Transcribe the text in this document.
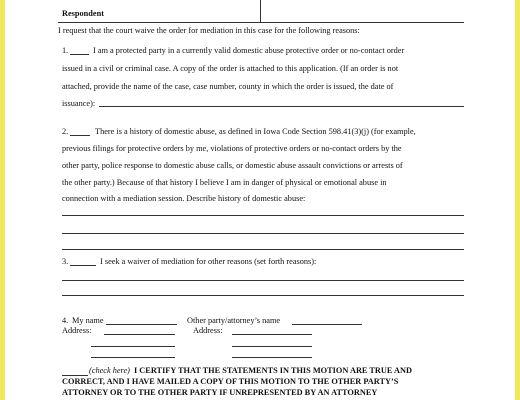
Respondent
I request that the court waive the order for mediation in this case for the following reasons:
1.	I am a protected party in a currently valid domestic abuse protective order or no-contact order
issued in a civil or criminal case. A copy of the order is attached to this application. (If an order is not
attached, provide the name of the case, case number, county in which the order is issued, the date of
issuance):
2.	There is a history of domestic abuse, as defined in Iowa Code Section 598.41(3)(j) (for example,
previous filings for protective orders by me, violations of protective orders or no-contact orders by the
other party, police response to domestic abuse calls, or domestic abuse assault convictions or arrests of
the other party.) Because of that history I believe I am in danger of physical or emotional abuse in
connection with a mediation session. Describe history of domestic abuse:
3.	I seek a waiver of mediation for other reasons (set forth reasons):
4. My name	Other party/attorney’s name
Address:	Address:
(check here) I CERTIFY THAT THE STATEMENTS IN THIS MOTION ARE TRUE AND
CORRECT, AND I HAVE MAILED A COPY OF THIS MOTION TO THE OTHER PARTY’S
ATTORNEY OR TO THE OTHER PARTY IF UNREPRESENTED BY AN ATTORNEY
